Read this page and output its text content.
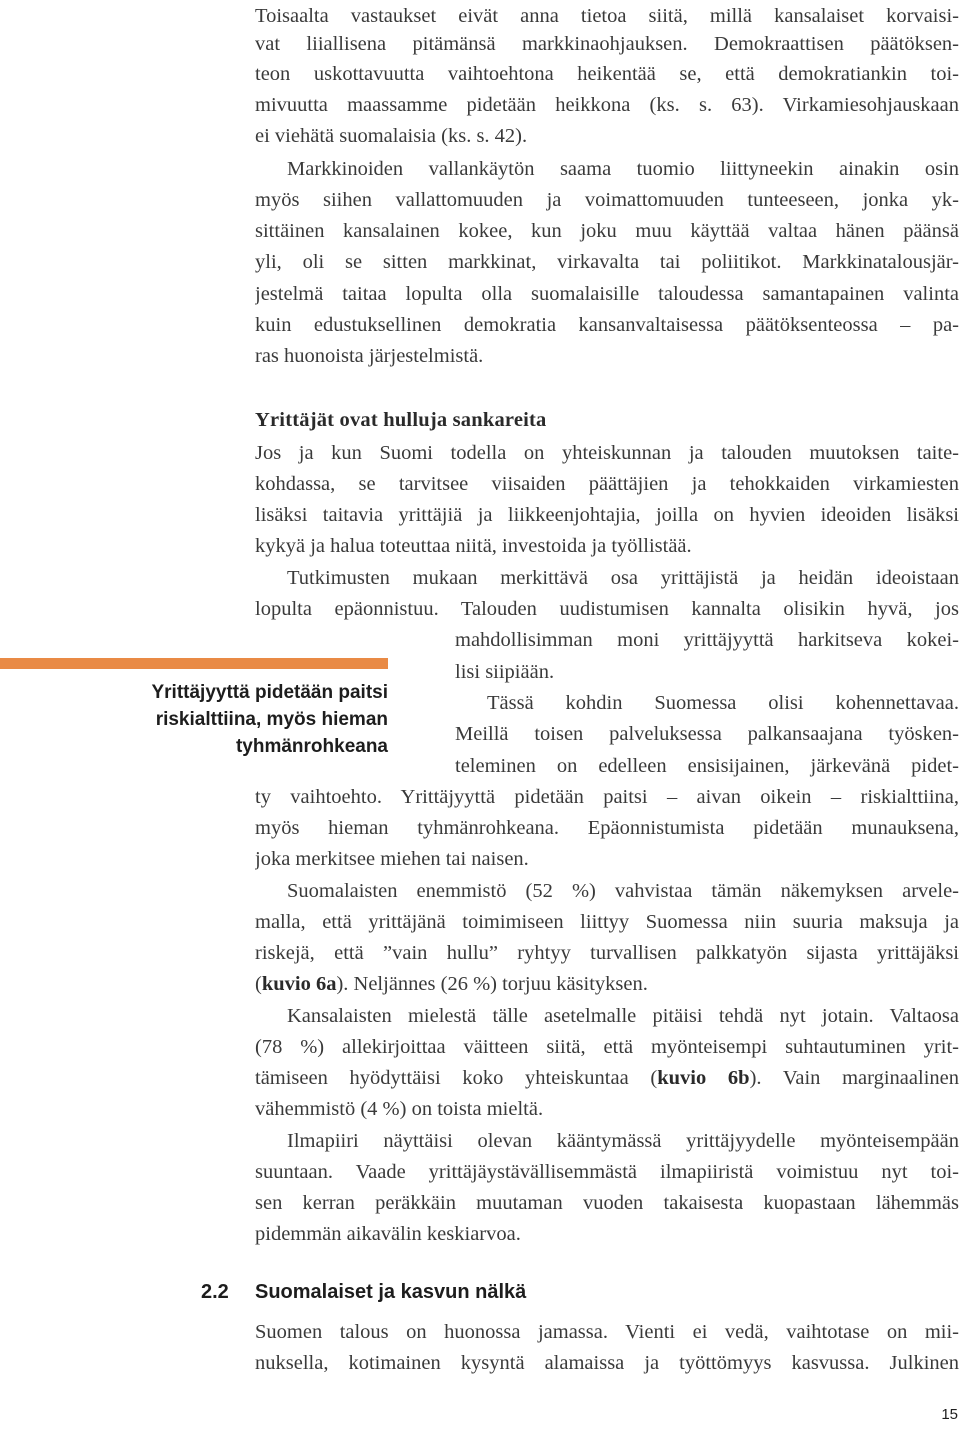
Toisaalta vastaukset eivät anna tietoa siitä, millä kansalaiset korvaisi-
vat liiallisena pitämänsä markkinaohjauksen. Demokraattisen päätöksen-
teon uskottavuutta vaihtoehtona heikentää se, että demokratiankin toi-
mivuutta maassamme pidetään heikkona (ks. s. 63). Virkamiesohjauskaan
ei viehätä suomalaisia (ks. s. 42).
Markkinoiden vallankäytön saama tuomio liittyneekin ainakin osin
myös siihen vallattomuuden ja voimattomuuden tunteeseen, jonka yk-
sittäinen kansalainen kokee, kun joku muu käyttää valtaa hänen päänsä
yli, oli se sitten markkinat, virkavalta tai poliitikot. Markkinatalousjär-
jestelmä taitaa lopulta olla suomalaisille taloudessa samantapainen valinta
kuin edustuksellinen demokratia kansanvaltaisessa päätöksenteossa – pa-
ras huonoista järjestelmistä.
Yrittäjät ovat hulluja sankareita
Jos ja kun Suomi todella on yhteiskunnan ja talouden muutoksen taite-
kohdassa, se tarvitsee viisaiden päättäjien ja tehokkaiden virkamiesten
lisäksi taitavia yrittäjiä ja liikkeenjohtajia, joilla on hyvien ideoiden lisäksi
kykyä ja halua toteuttaa niitä, investoida ja työllistää.
Tutkimusten mukaan merkittävä osa yrittäjistä ja heidän ideoistaan
lopulta epäonnistuu. Talouden uudistumisen kannalta olisikin hyvä, jos
mahdollisimman moni yrittäjyyttä harkitseva kokei-
lisi siipiään.
Tässä kohdin Suomessa olisi kohennettavaa.
Meillä toisen palveluksessa palkansaajana työsken-
teleminen on edelleen ensisijainen, järkevänä pidet-
ty vaihtoehto. Yrittäjyyttä pidetään paitsi – aivan oikein – riskialttiina,
myös hieman tyhmänrohkeana. Epäonnistumista pidetään munauksena,
joka merkitsee miehen tai naisen.
Suomalaisten enemmistö (52 %) vahvistaa tämän näkemyksen arvele-
malla, että yrittäjänä toimimiseen liittyy Suomessa niin suuria maksuja ja
riskejä, että ”vain hullu” ryhtyy turvallisen palkkatyön sijasta yrittäjäksi
(kuvio 6a). Neljännes (26 %) torjuu käsityksen.
Kansalaisten mielestä tälle asetelmalle pitäisi tehdä nyt jotain. Valtaosa
(78 %) allekirjoittaa väitteen siitä, että myönteisempi suhtautuminen yrit-
tämiseen hyödyttäisi koko yhteiskuntaa (kuvio 6b). Vain marginaalinen
vähemmistö (4 %) on toista mieltä.
Ilmapiiri näyttäisi olevan kääntymässä yrittäjyydelle myönteisempään
suuntaan. Vaade yrittäjäystävällisemmästä ilmapiiristä voimistuu nyt toi-
sen kerran peräkkäin muutaman vuoden takaisesta kuopastaan lähemmäs
pidemmän aikavälin keskiarvoa.
Yrittäjyyttä pidetään paitsi
riskialttiina, myös hieman
tyhmänrohkeana
2.2 Suomalaiset ja kasvun nälkä
Suomen talous on huonossa jamassa. Vienti ei vedä, vaihtotase on mii-
nuksella, kotimainen kysyntä alamaissa ja työttömyys kasvussa. Julkinen
15
